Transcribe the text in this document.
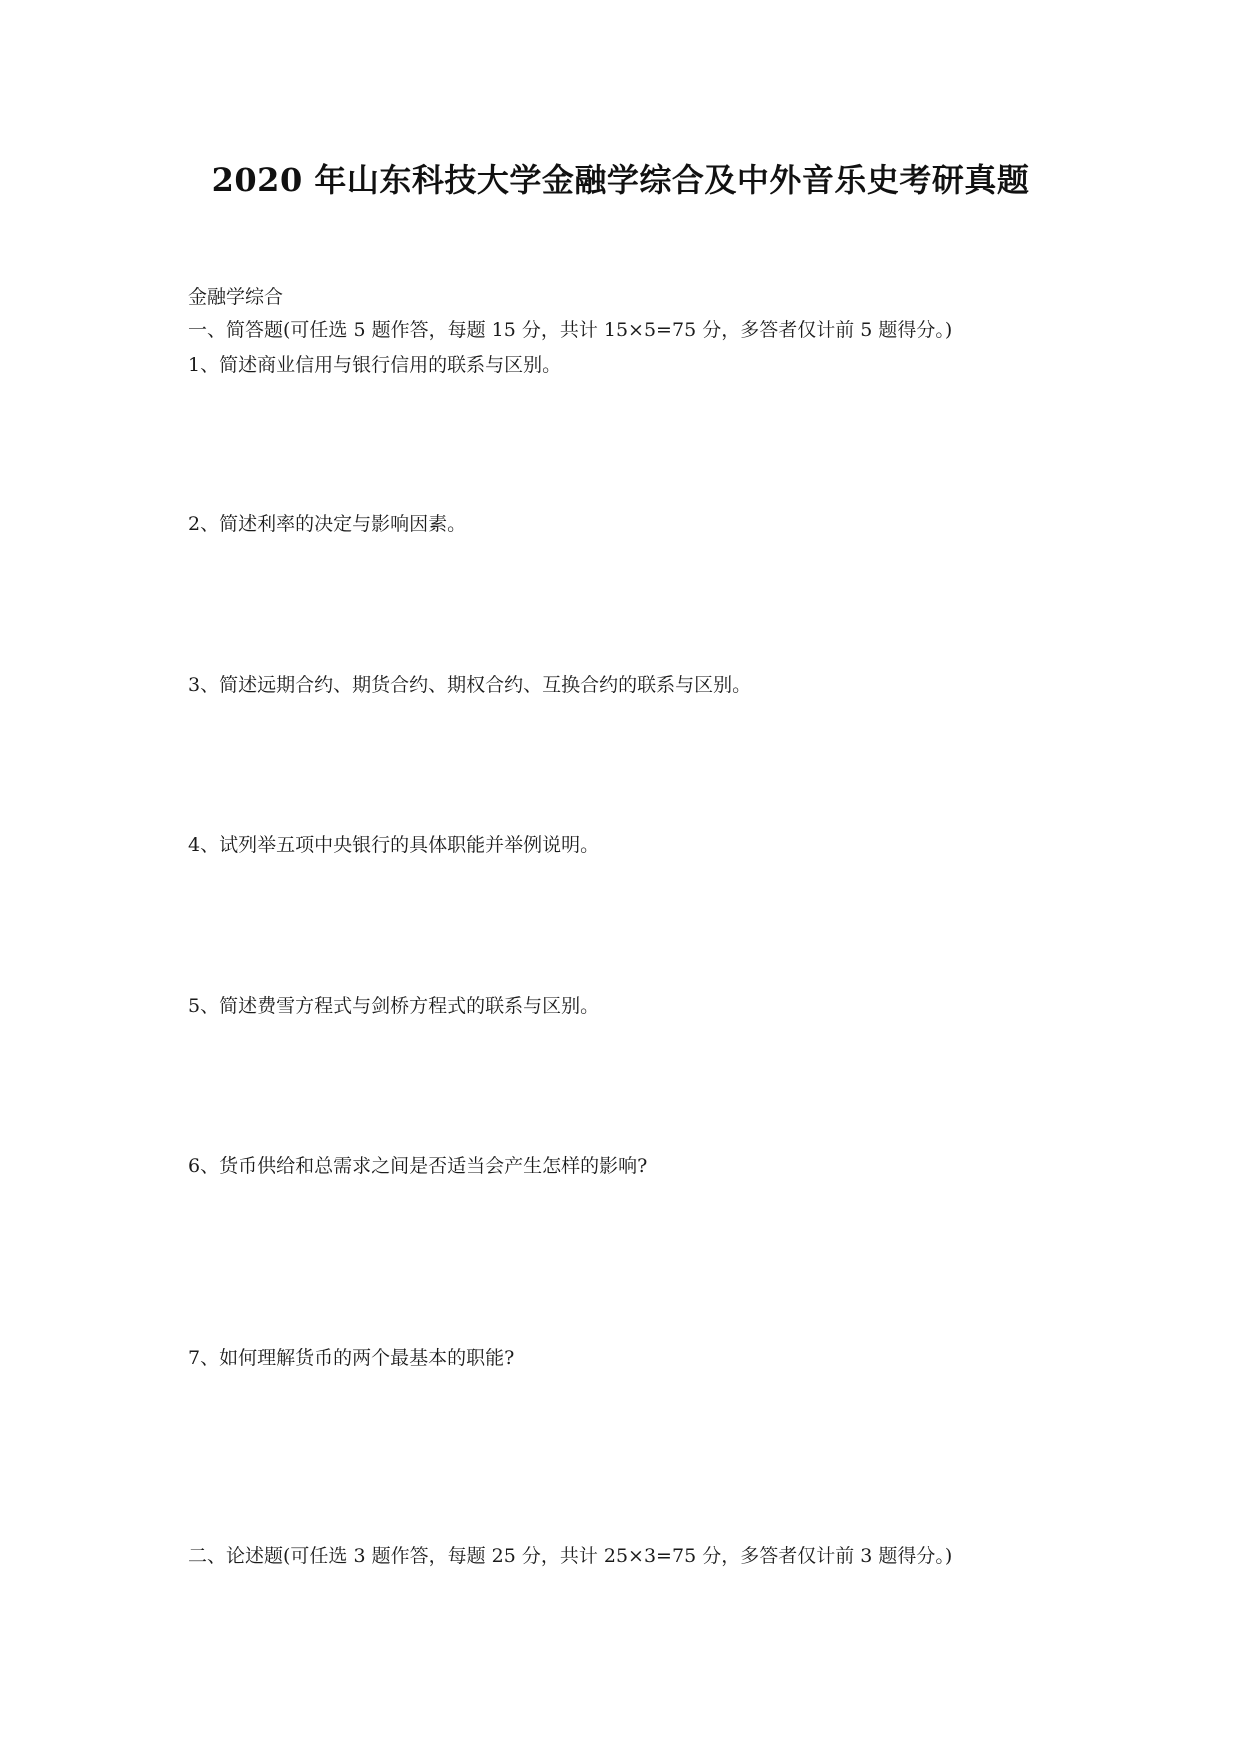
2020 年山东科技大学金融学综合及中外音乐史考研真题
金融学综合
一、简答题(可任选 5 题作答，每题 15 分，共计 15×5=75 分，多答者仅计前 5 题得分。)
1、简述商业信用与银行信用的联系与区别。
2、简述利率的决定与影响因素。
3、简述远期合约、期货合约、期权合约、互换合约的联系与区别。
4、试列举五项中央银行的具体职能并举例说明。
5、简述费雪方程式与剑桥方程式的联系与区别。
6、货币供给和总需求之间是否适当会产生怎样的影响?
7、如何理解货币的两个最基本的职能?
二、论述题(可任选 3 题作答，每题 25 分，共计 25×3=75 分，多答者仅计前 3 题得分。)
